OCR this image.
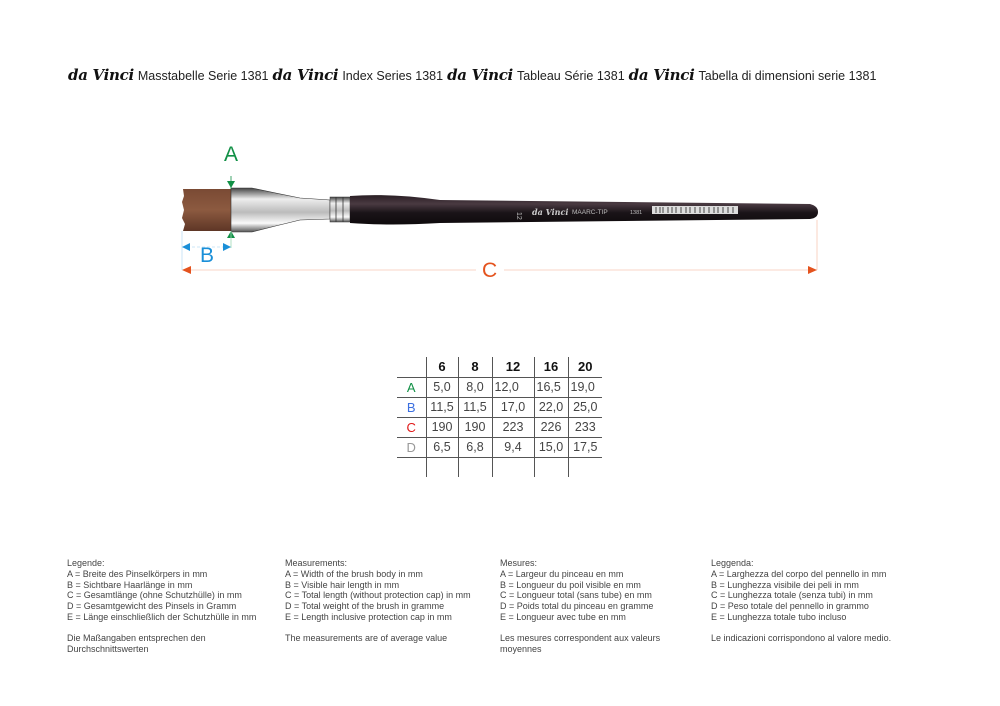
da Vinci Masstabelle Serie 1381 da Vinci Index Series 1381 da Vinci Tableau Série 1381 da Vinci Tabella di dimensioni serie 1381
12 da Vinci MAARC-TIP	1381
A
B
C
	6	8	12	16	20
A	5,0	8,0	12,0	16,5	19,0
B	11,5	11,5	17,0	22,0	25,0
C	190	190	223	226	233
D	6,5	6,8	9,4	15,0	17,5

Legende:
A = Breite des Pinselkörpers in mm
B = Sichtbare Haarlänge in mm
C = Gesamtlänge (ohne Schutzhülle) in mm
D = Gesamtgewicht des Pinsels in Gramm
E = Länge einschließlich der Schutzhülle in mm
Die Maßangaben entsprechen den
Durchschnittswerten
Measurements:
A = Width of the brush body in mm
B = Visible hair length in mm
C = Total length (without protection cap) in mm
D = Total weight of the brush in gramme
E = Length inclusive protection cap in mm
The measurements are of average value
Mesures:
A = Largeur du pinceau en mm
B = Longueur du poil visible en mm
C = Longueur total (sans tube) en mm
D = Poids total du pinceau en gramme
E = Longueur avec tube en mm
Les mesures correspondent aux valeurs
moyennes
Leggenda:
A = Larghezza del corpo del pennello in mm
B = Lunghezza visibile dei peli in mm
C = Lunghezza totale (senza tubi) in mm
D = Peso totale del pennello in grammo
E = Lunghezza totale tubo incluso
Le indicazioni corrispondono al valore medio.
